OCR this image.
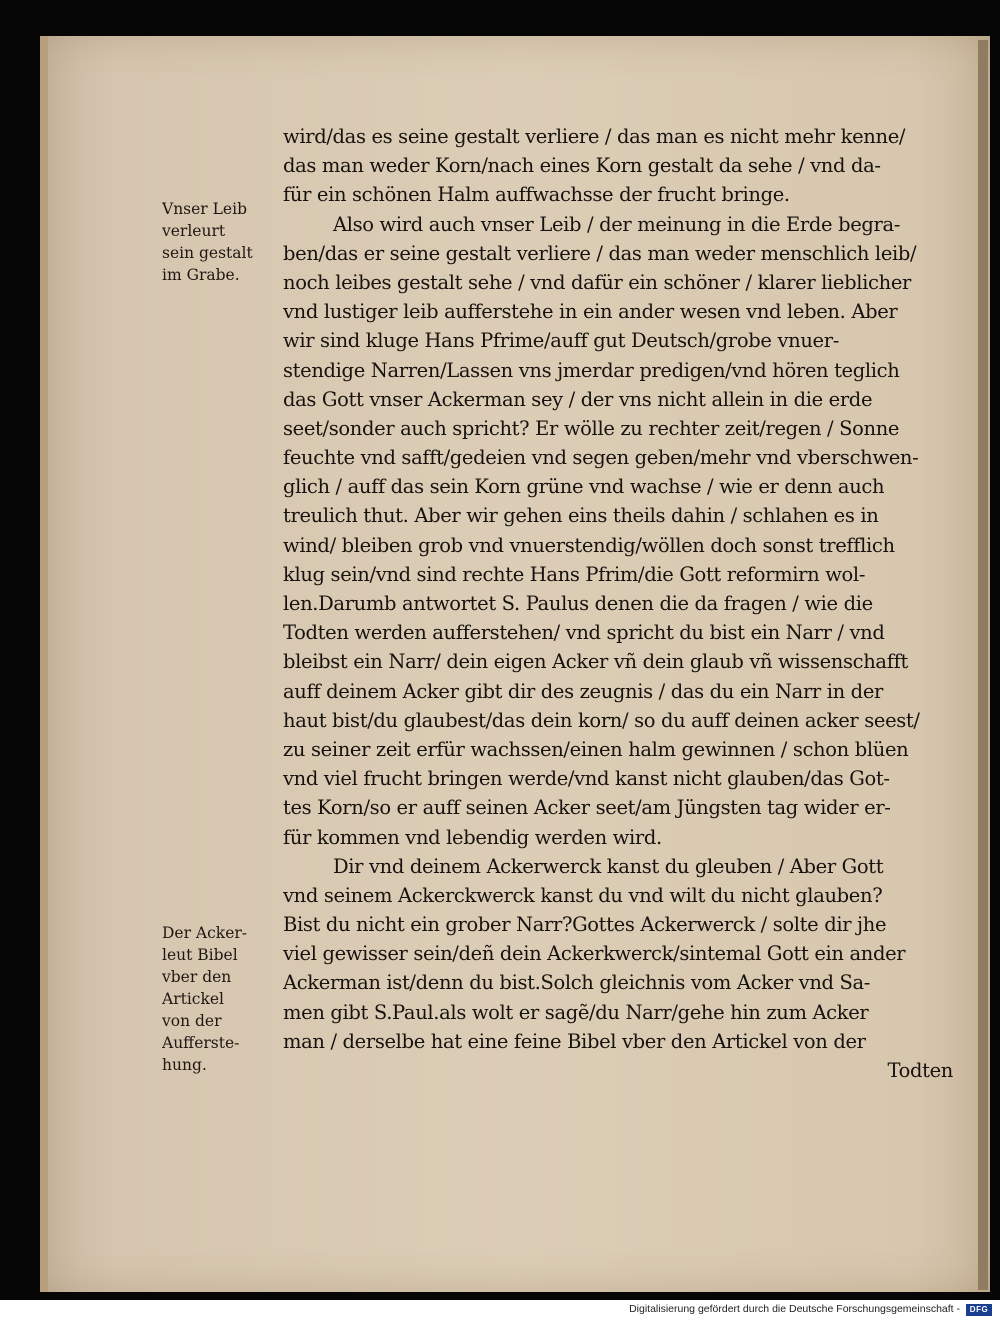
Vnser Leib
verleurt
sein gestalt
im Grabe.
Der Acker-
leut Bibel
vber den
Artickel
von der
Aufferste-
hung.
wird/das es seine gestalt verliere / das man es nicht mehr kenne/
das man weder Korn/nach eines Korn gestalt da sehe / vnd da-
für ein schönen Halm auffwachsse der frucht bringe.
Also wird auch vnser Leib / der meinung in die Erde begra-
ben/das er seine gestalt verliere / das man weder menschlich leib/
noch leibes gestalt sehe / vnd dafür ein schöner / klarer lieblicher
vnd lustiger leib aufferstehe in ein ander wesen vnd leben. Aber
wir sind kluge Hans Pfrime/auff gut Deutsch/grobe vnuer-
stendige Narren/Lassen vns jmerdar predigen/vnd hören teglich
das Gott vnser Ackerman sey / der vns nicht allein in die erde
seet/sonder auch spricht? Er wölle zu rechter zeit/regen / Sonne
feuchte vnd safft/gedeien vnd segen geben/mehr vnd vberschwen-
glich / auff das sein Korn grüne vnd wachse / wie er denn auch
treulich thut. Aber wir gehen eins theils dahin / schlahen es in
wind/ bleiben grob vnd vnuerstendig/wöllen doch sonst trefflich
klug sein/vnd sind rechte Hans Pfrim/die Gott reformirn wol-
len.Darumb antwortet S. Paulus denen die da fragen / wie die
Todten werden aufferstehen/ vnd spricht du bist ein Narr / vnd
bleibst ein Narr/ dein eigen Acker vñ dein glaub vñ wissenschafft
auff deinem Acker gibt dir des zeugnis / das du ein Narr in der
haut bist/du glaubest/das dein korn/ so du auff deinen acker seest/
zu seiner zeit erfür wachssen/einen halm gewinnen / schon blüen
vnd viel frucht bringen werde/vnd kanst nicht glauben/das Got-
tes Korn/so er auff seinen Acker seet/am Jüngsten tag wider er-
für kommen vnd lebendig werden wird.
Dir vnd deinem Ackerwerck kanst du gleuben / Aber Gott
vnd seinem Ackerckwerck kanst du vnd wilt du nicht glauben?
Bist du nicht ein grober Narr?Gottes Ackerwerck / solte dir jhe
viel gewisser sein/deñ dein Ackerkwerck/sintemal Gott ein ander
Ackerman ist/denn du bist.Solch gleichnis vom Acker vnd Sa-
men gibt S.Paul.als wolt er sagẽ/du Narr/gehe hin zum Acker
man / derselbe hat eine feine Bibel vber den Artickel von der
Todten
Digitalisierung gefördert durch die Deutsche Forschungsgemeinschaft -	DFG
